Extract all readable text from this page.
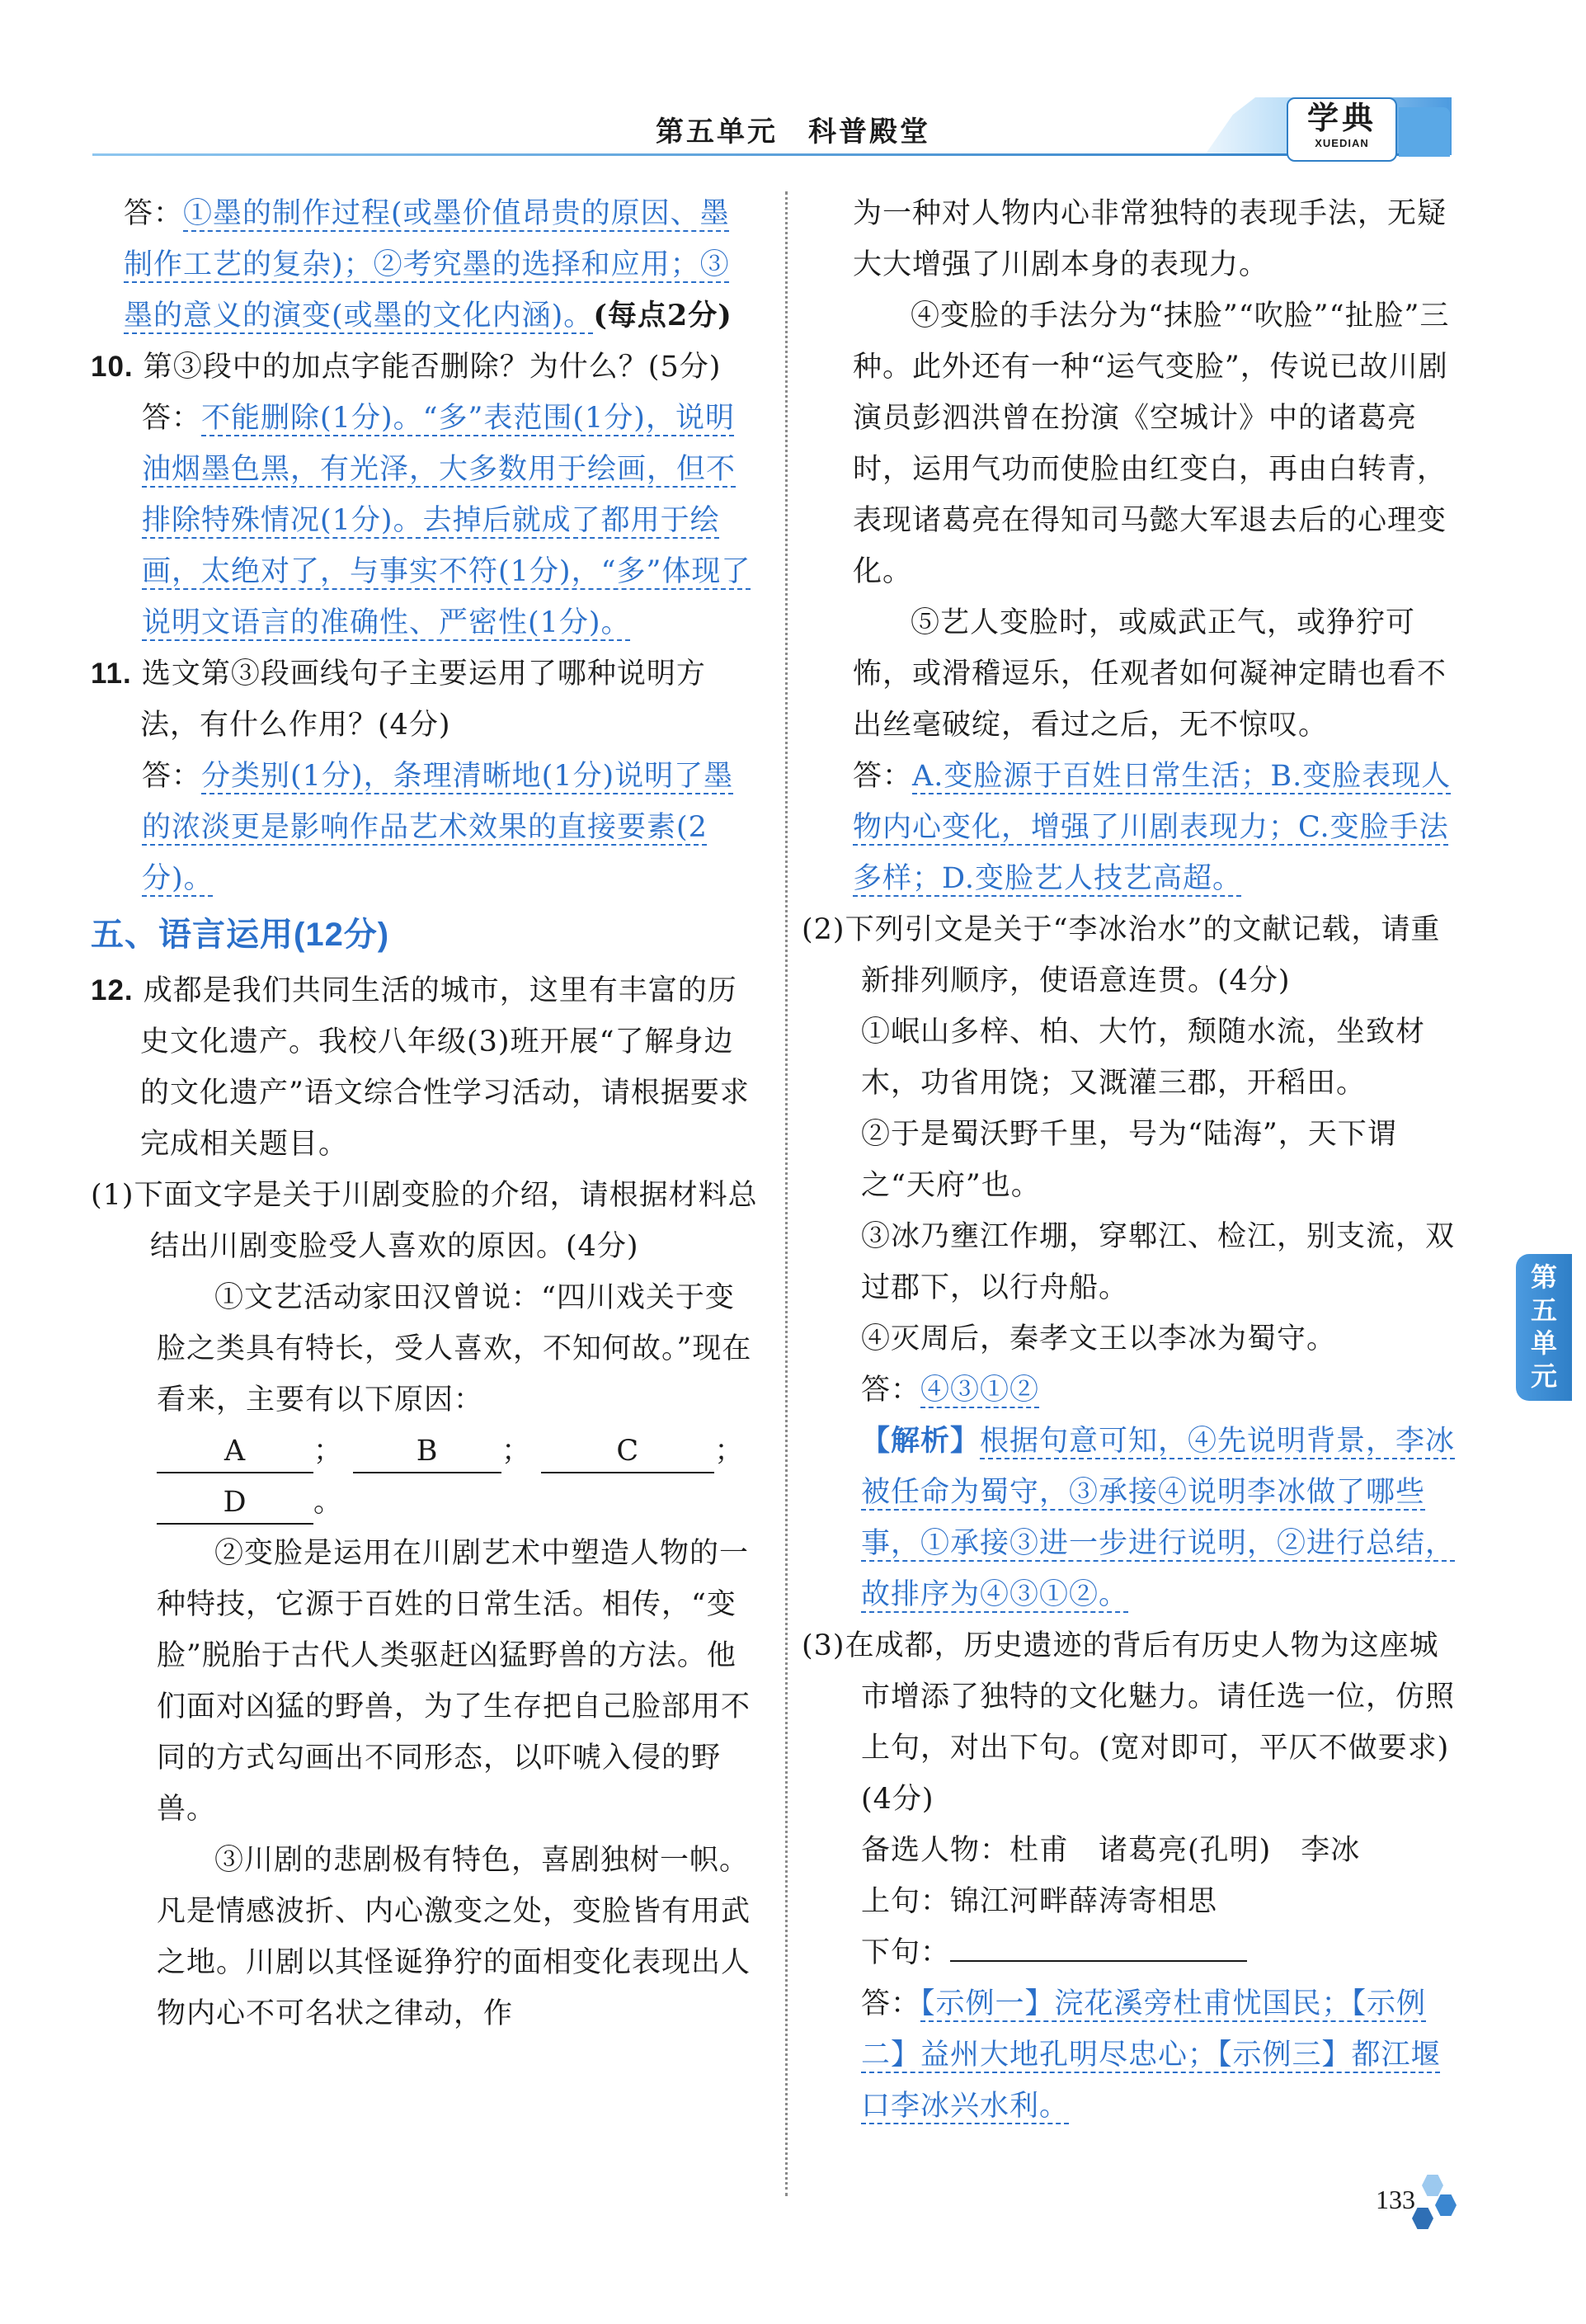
第五单元　科普殿堂	学典
XUEDIAN

答：①墨的制作过程(或墨价值昂贵的原因、墨制作工艺的复杂)；②考究墨的选择和应用；③墨的意义的演变(或墨的文化内涵)。(每点2分)

10. 第③段中的加点字能否删除？为什么？(5分)

答：不能删除(1分)。“多”表范围(1分)，说明油烟墨色黑，有光泽，大多数用于绘画，但不排除特殊情况(1分)。去掉后就成了都用于绘画，太绝对了，与事实不符(1分)，“多”体现了说明文语言的准确性、严密性(1分)。

11. 选文第③段画线句子主要运用了哪种说明方法，有什么作用？(4分)

答：分类别(1分)，条理清晰地(1分)说明了墨的浓淡更是影响作品艺术效果的直接要素(2分)。

五、语言运用(12分)

12. 成都是我们共同生活的城市，这里有丰富的历史文化遗产。我校八年级(3)班开展“了解身边的文化遗产”语文综合性学习活动，请根据要求完成相关题目。

(1)下面文字是关于川剧变脸的介绍，请根据材料总结出川剧变脸受人喜欢的原因。(4分)

①文艺活动家田汉曾说：“四川戏关于变脸之类具有特长，受人喜欢，不知何故。”现在看来，主要有以下原因：

A ；	B ；	C	；

D 。

②变脸是运用在川剧艺术中塑造人物的一种特技，它源于百姓的日常生活。相传，“变脸”脱胎于古代人类驱赶凶猛野兽的方法。他们面对凶猛的野兽，为了生存把自己脸部用不同的方式勾画出不同形态，以吓唬入侵的野兽。

③川剧的悲剧极有特色，喜剧独树一帜。凡是情感波折、内心激变之处，变脸皆有用武之地。川剧以其怪诞狰狞的面相变化表现出人物内心不可名状之律动，作

为一种对人物内心非常独特的表现手法，无疑大大增强了川剧本身的表现力。

④变脸的手法分为“抹脸”“吹脸”“扯脸”三种。此外还有一种“运气变脸”，传说已故川剧演员彭泗洪曾在扮演《空城计》中的诸葛亮时，运用气功而使脸由红变白，再由白转青，表现诸葛亮在得知司马懿大军退去后的心理变化。

⑤艺人变脸时，或威武正气，或狰狞可怖，或滑稽逗乐，任观者如何凝神定睛也看不出丝毫破绽，看过之后，无不惊叹。

答：A.变脸源于百姓日常生活；B.变脸表现人物内心变化，增强了川剧表现力；C.变脸手法多样；D.变脸艺人技艺高超。

(2)下列引文是关于“李冰治水”的文献记载，请重新排列顺序，使语意连贯。(4分)

①岷山多梓、柏、大竹，颓随水流，坐致材木，功省用饶；又溉灌三郡，开稻田。

②于是蜀沃野千里，号为“陆海”，天下谓之“天府”也。

③冰乃壅江作堋，穿郫江、检江，别支流，双过郡下，以行舟船。

④灭周后，秦孝文王以李冰为蜀守。

答：④③①②

【解析】根据句意可知，④先说明背景，李冰被任命为蜀守，③承接④说明李冰做了哪些事，①承接③进一步进行说明，②进行总结，故排序为④③①②。

(3)在成都，历史遗迹的背后有历史人物为这座城市增添了独特的文化魅力。请任选一位，仿照上句，对出下句。(宽对即可，平仄不做要求)(4分)

备选人物：杜甫　诸葛亮(孔明)　李冰

上句：锦江河畔薛涛寄相思

下句：

答：【示例一】浣花溪旁杜甫忧国民；【示例二】益州大地孔明尽忠心；【示例三】都江堰口李冰兴水利。

第五单元
133
